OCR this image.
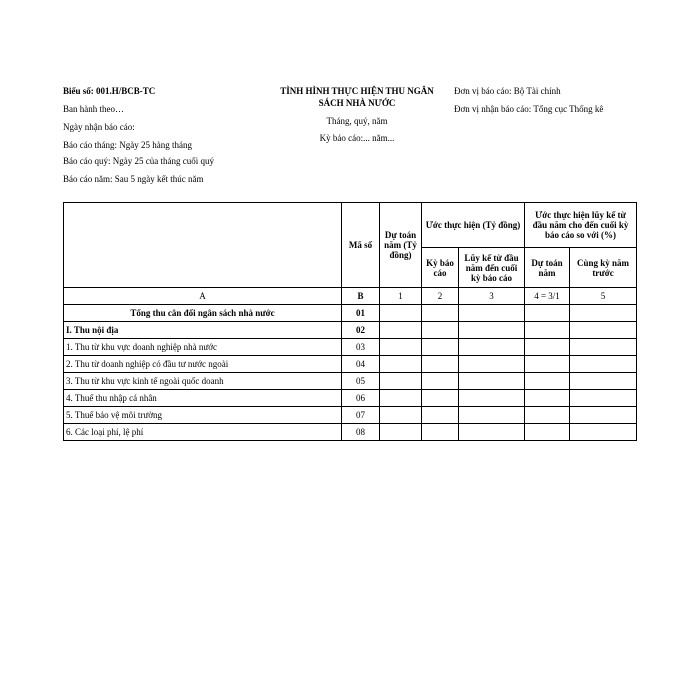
Biểu số: 001.H/BCB-TC
Ban hành theo…
Ngày nhận báo cáo:
Báo cáo tháng: Ngày 25 hàng tháng
Báo cáo quý: Ngày 25 của tháng cuối quý
Báo cáo năm: Sau 5 ngày kết thúc năm
TÌNH HÌNH THỰC HIỆN THU NGÂN
SÁCH NHÀ NƯỚC
Tháng, quý, năm
Kỳ báo cáo:... năm...
Đơn vị báo cáo: Bộ Tài chính
Đơn vị nhận báo cáo: Tổng cục Thống kê
	Mã số	Dự toán năm (Tỷ đồng)	Ước thực hiện (Tỷ đồng)		Ước thực hiện lũy kế từ đầu năm cho đến cuối kỳ báo cáo so với (%)	
			Kỳ báo cáo	Lũy kế từ đầu năm đến cuối kỳ báo cáo	Dự toán năm	Cùng kỳ năm trước
A	B	1	2	3	4 = 3/1	5
Tổng thu cân đối ngân sách nhà nước	01					
I. Thu nội địa	02					
1. Thu từ khu vực doanh nghiệp nhà nước	03					
2. Thu từ doanh nghiệp có đầu tư nước ngoài	04					
3. Thu từ khu vực kinh tế ngoài quốc doanh	05					
4. Thuế thu nhập cá nhân	06					
5. Thuế bảo vệ môi trường	07					
6. Các loại phí, lệ phí	08					
